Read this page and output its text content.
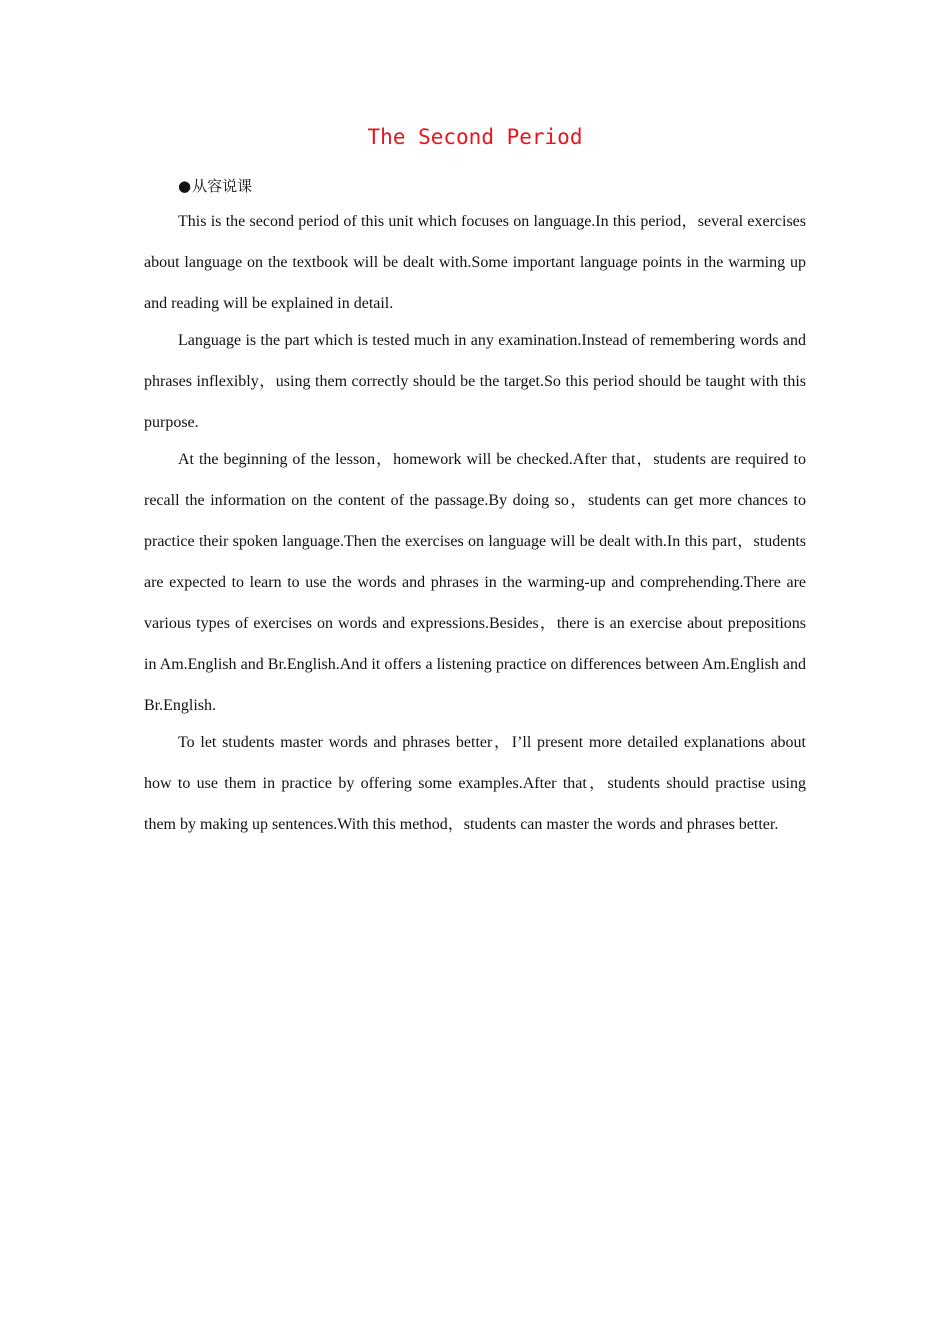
The Second Period
●从容说课

This is the second period of this unit which focuses on language.In this period，several exercises about language on the textbook will be dealt with.Some important language points in the warming up and reading will be explained in detail.

Language is the part which is tested much in any examination.Instead of remembering words and phrases inflexibly，using them correctly should be the target.So this period should be taught with this purpose.

At the beginning of the lesson，homework will be checked.After that，students are required to recall the information on the content of the passage.By doing so，students can get more chances to practice their spoken language.Then the exercises on language will be dealt with.In this part，students are expected to learn to use the words and phrases in the warming-up and comprehending.There are various types of exercises on words and expressions.Besides，there is an exercise about prepositions in Am.English and Br.English.And it offers a listening practice on differences between Am.English and Br.English.

To let students master words and phrases better，I’ll present more detailed explanations about how to use them in practice by offering some examples.After that，students should practise using them by making up sentences.With this method，students can master the words and phrases better.
